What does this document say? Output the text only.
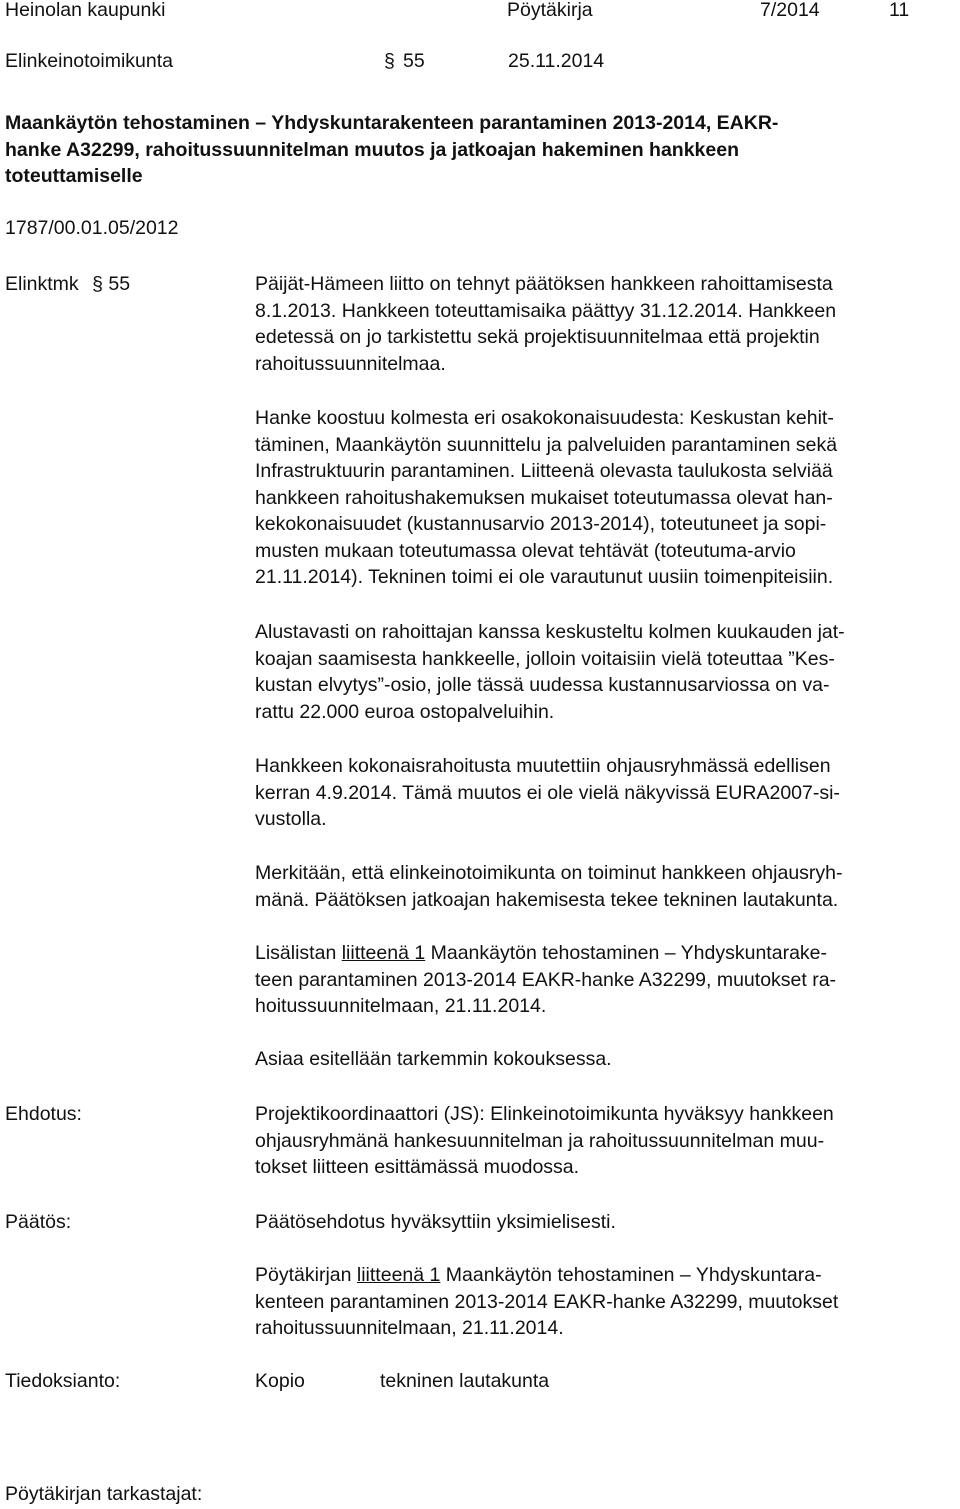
Heinolan kaupunki	Pöytäkirja	7/2014	11
Elinkeinotoimikunta	§ 55	25.11.2014
Maankäytön tehostaminen – Yhdyskuntarakenteen parantaminen 2013-2014, EAKR-
hanke A32299, rahoitussuunnitelman muutos ja jatkoajan hakeminen hankkeen
toteuttamiselle
1787/00.01.05/2012
Elinktmk § 55	Päijät-Hämeen liitto on tehnyt päätöksen hankkeen rahoittamisesta
8.1.2013. Hankkeen toteuttamisaika päättyy 31.12.2014. Hankkeen
edetessä on jo tarkistettu sekä projektisuunnitelmaa että projektin
rahoitussuunnitelmaa.
Hanke koostuu kolmesta eri osakokonaisuudesta: Keskustan kehit-
täminen, Maankäytön suunnittelu ja palveluiden parantaminen sekä
Infrastruktuurin parantaminen. Liitteenä olevasta taulukosta selviää
hankkeen rahoitushakemuksen mukaiset toteutumassa olevat han-
kekokonaisuudet (kustannusarvio 2013-2014), toteutuneet ja sopi-
musten mukaan toteutumassa olevat tehtävät (toteutuma-arvio
21.11.2014). Tekninen toimi ei ole varautunut uusiin toimenpiteisiin.
Alustavasti on rahoittajan kanssa keskusteltu kolmen kuukauden jat-
koajan saamisesta hankkeelle, jolloin voitaisiin vielä toteuttaa ”Kes-
kustan elvytys”-osio, jolle tässä uudessa kustannusarviossa on va-
rattu 22.000 euroa ostopalveluihin.
Hankkeen kokonaisrahoitusta muutettiin ohjausryhmässä edellisen
kerran 4.9.2014. Tämä muutos ei ole vielä näkyvissä EURA2007-si-
vustolla.
Merkitään, että elinkeinotoimikunta on toiminut hankkeen ohjausryh-
mänä. Päätöksen jatkoajan hakemisesta tekee tekninen lautakunta.
Lisälistan liitteenä 1 Maankäytön tehostaminen – Yhdyskuntarake-
teen parantaminen 2013-2014 EAKR-hanke A32299, muutokset ra-
hoitussuunnitelmaan, 21.11.2014.
Asiaa esitellään tarkemmin kokouksessa.
Ehdotus:	Projektikoordinaattori (JS): Elinkeinotoimikunta hyväksyy hankkeen
ohjausryhmänä hankesuunnitelman ja rahoitussuunnitelman muu-
tokset liitteen esittämässä muodossa.
Päätös:	Päätösehdotus hyväksyttiin yksimielisesti.
Pöytäkirjan liitteenä 1 Maankäytön tehostaminen – Yhdyskuntara-
kenteen parantaminen 2013-2014 EAKR-hanke A32299, muutokset
rahoitussuunnitelmaan, 21.11.2014.
Tiedoksianto:	Kopio	tekninen lautakunta
Pöytäkirjan tarkastajat:
